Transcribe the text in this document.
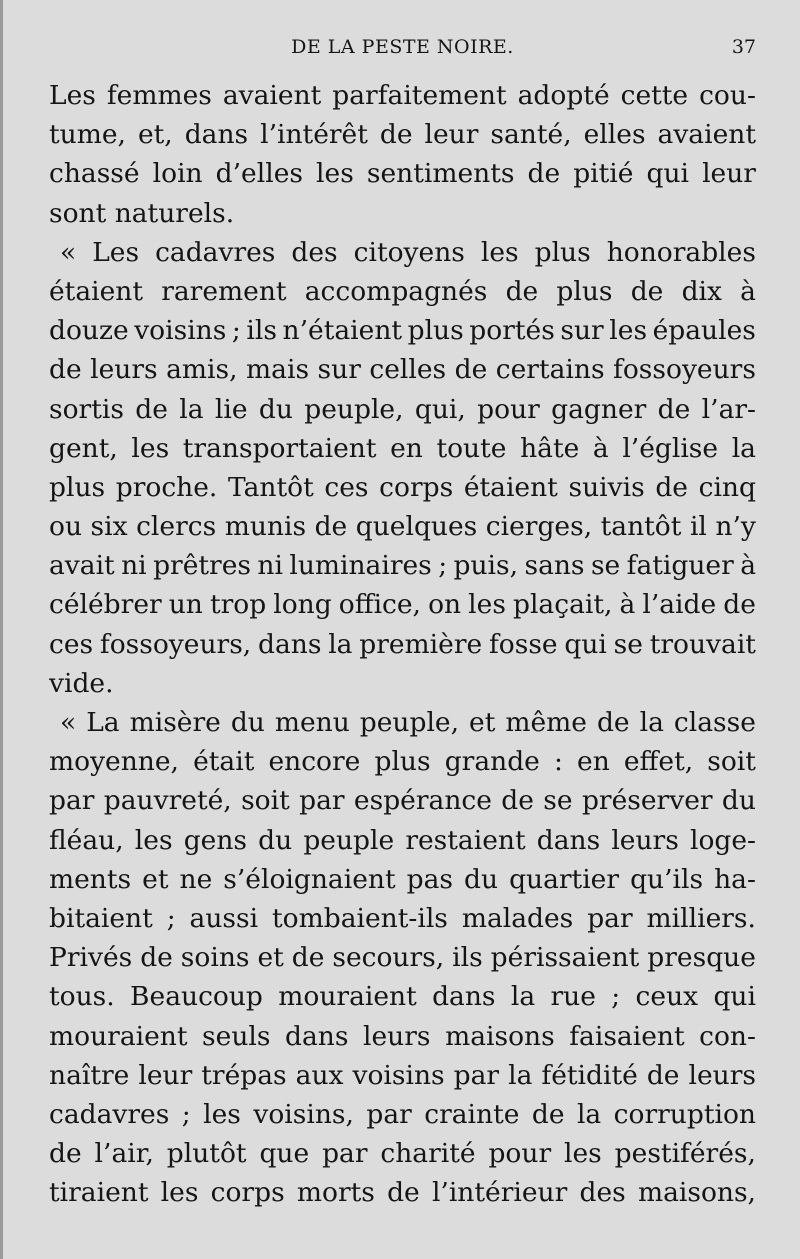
DE LA PESTE NOIRE.	37
Les femmes avaient parfaitement adopté cette cou-
tume, et, dans l’intérêt de leur santé, elles avaient
chassé loin d’elles les sentiments de pitié qui leur
sont naturels.
« Les cadavres des citoyens les plus honorables
étaient rarement accompagnés de plus de dix à
douze voisins ; ils n’étaient plus portés sur les épaules
de leurs amis, mais sur celles de certains fossoyeurs
sortis de la lie du peuple, qui, pour gagner de l’ar-
gent, les transportaient en toute hâte à l’église la
plus proche. Tantôt ces corps étaient suivis de cinq
ou six clercs munis de quelques cierges, tantôt il n’y
avait ni prêtres ni luminaires ; puis, sans se fatiguer à
célébrer un trop long office, on les plaçait, à l’aide de
ces fossoyeurs, dans la première fosse qui se trouvait
vide.
« La misère du menu peuple, et même de la classe
moyenne, était encore plus grande : en effet, soit
par pauvreté, soit par espérance de se préserver du
fléau, les gens du peuple restaient dans leurs loge-
ments et ne s’éloignaient pas du quartier qu’ils ha-
bitaient ; aussi tombaient-ils malades par milliers.
Privés de soins et de secours, ils périssaient presque
tous. Beaucoup mouraient dans la rue ; ceux qui
mouraient seuls dans leurs maisons faisaient con-
naître leur trépas aux voisins par la fétidité de leurs
cadavres ; les voisins, par crainte de la corruption
de l’air, plutôt que par charité pour les pestiférés,
tiraient les corps morts de l’intérieur des maisons,
